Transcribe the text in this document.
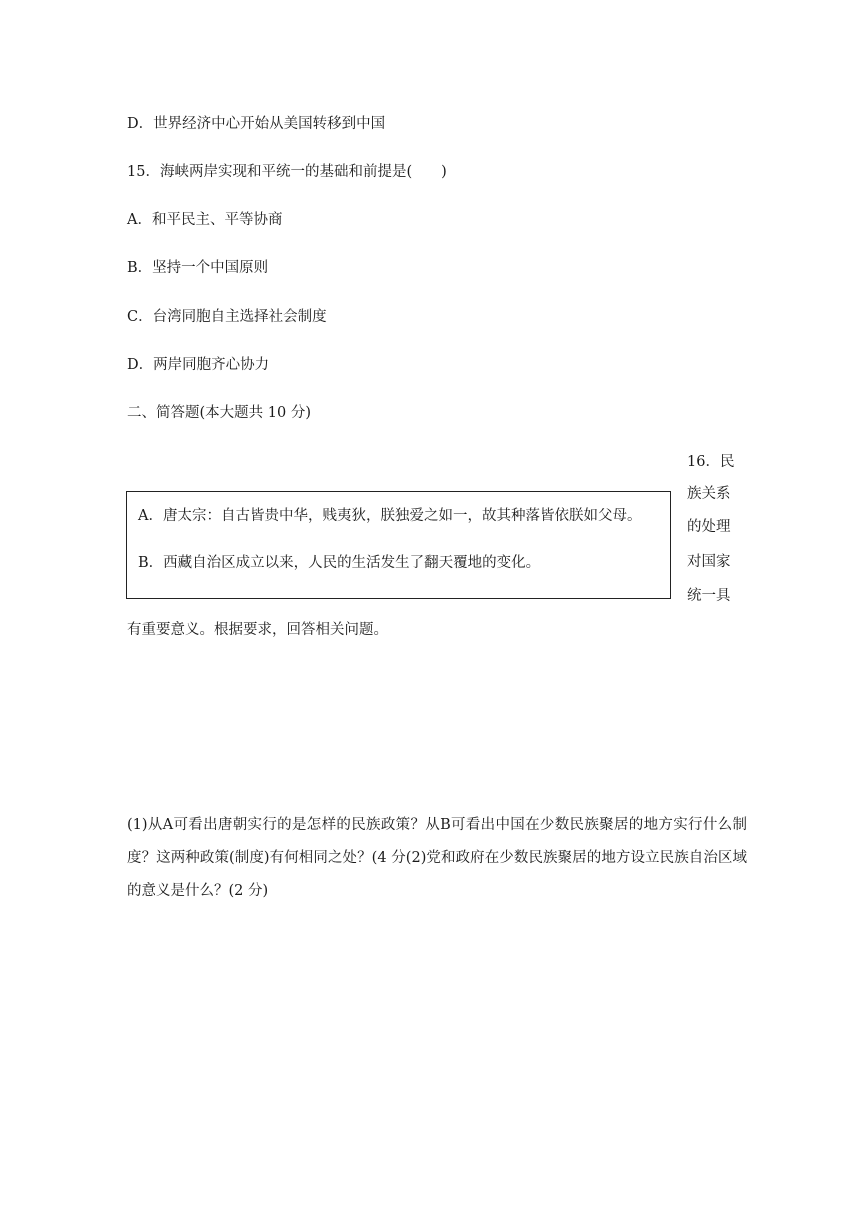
D．世界经济中心开始从美国转移到中国
15．海峡两岸实现和平统一的基础和前提是(　　)
A．和平民主、平等协商
B．坚持一个中国原则
C．台湾同胞自主选择社会制度
D．两岸同胞齐心协力
二、简答题(本大题共 10 分)
16．民
族关系
的处理
对国家
统一具
A．唐太宗：自古皆贵中华，贱夷狄，朕独爱之如一，故其种落皆依朕如父母。
B．西藏自治区成立以来，人民的生活发生了翻天覆地的变化。
有重要意义。根据要求，回答相关问题。
(1)从A可看出唐朝实行的是怎样的民族政策？从B可看出中国在少数民族聚居的地方实行什么制度？这两种政策(制度)有何相同之处？(4 分(2)党和政府在少数民族聚居的地方设立民族自治区域的意义是什么？(2 分)
